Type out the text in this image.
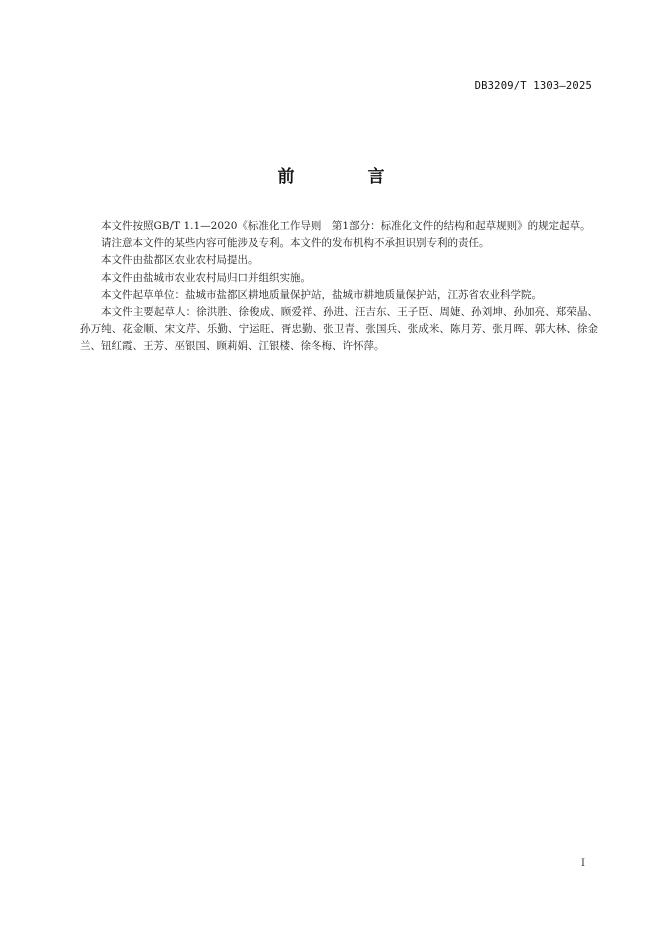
DB3209/T 1303—2025
前　言

本文件按照GB/T 1.1—2020《标准化工作导则　第1部分：标准化文件的结构和起草规则》的规定起草。

请注意本文件的某些内容可能涉及专利。本文件的发布机构不承担识别专利的责任。

本文件由盐都区农业农村局提出。

本文件由盐城市农业农村局归口并组织实施。

本文件起草单位：盐城市盐都区耕地质量保护站，盐城市耕地质量保护站，江苏省农业科学院。

本文件主要起草人：徐洪胜、徐俊成、顾爱祥、孙进、汪吉东、王子臣、周婕、孙刘坤、孙加亮、郑荣晶、孙万纯、花金顺、宋文芹、乐勤、宁运旺、胥忠勤、张卫青、张国兵、张成米、陈月芳、张月晖、郭大林、徐金兰、钮红霞、王芳、巫银国、顾莉娟、江银楼、徐冬梅、许怀萍。

I
